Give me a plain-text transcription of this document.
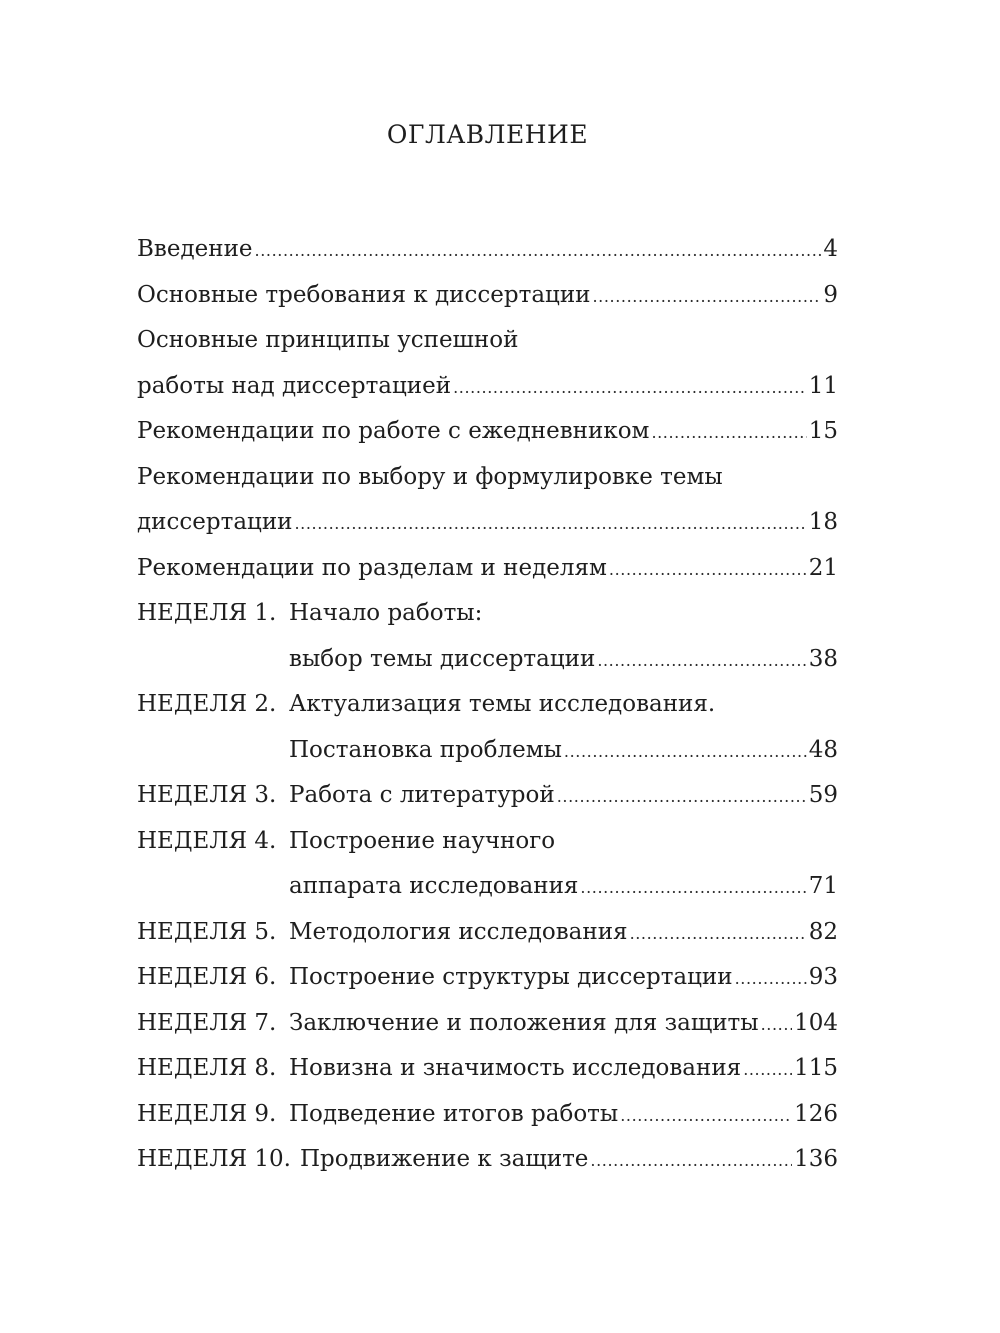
ОГЛАВЛЕНИЕ
Введение .....	4
Основные требования к диссертации .....	9
Основные принципы успешной
работы над диссертацией .....	11
Рекомендации по работе с ежедневником .....	15
Рекомендации по выбору и формулировке темы
диссертации .....	18
Рекомендации по разделам и неделям .....	21
НЕДЕЛЯ 1. Начало работы:
выбор темы диссертации .....	38
НЕДЕЛЯ 2. Актуализация темы исследования.
Постановка проблемы .....	48
НЕДЕЛЯ 3. Работа с литературой .....	59
НЕДЕЛЯ 4. Построение научного
аппарата исследования .....	71
НЕДЕЛЯ 5. Методология исследования .....	82
НЕДЕЛЯ 6. Построение структуры диссертации .....	93
НЕДЕЛЯ 7. Заключение и положения для защиты ..... 104
НЕДЕЛЯ 8. Новизна и значимость исследования ..... 115
НЕДЕЛЯ 9. Подведение итогов работы .....	126
НЕДЕЛЯ 10. Продвижение к защите .....	136
